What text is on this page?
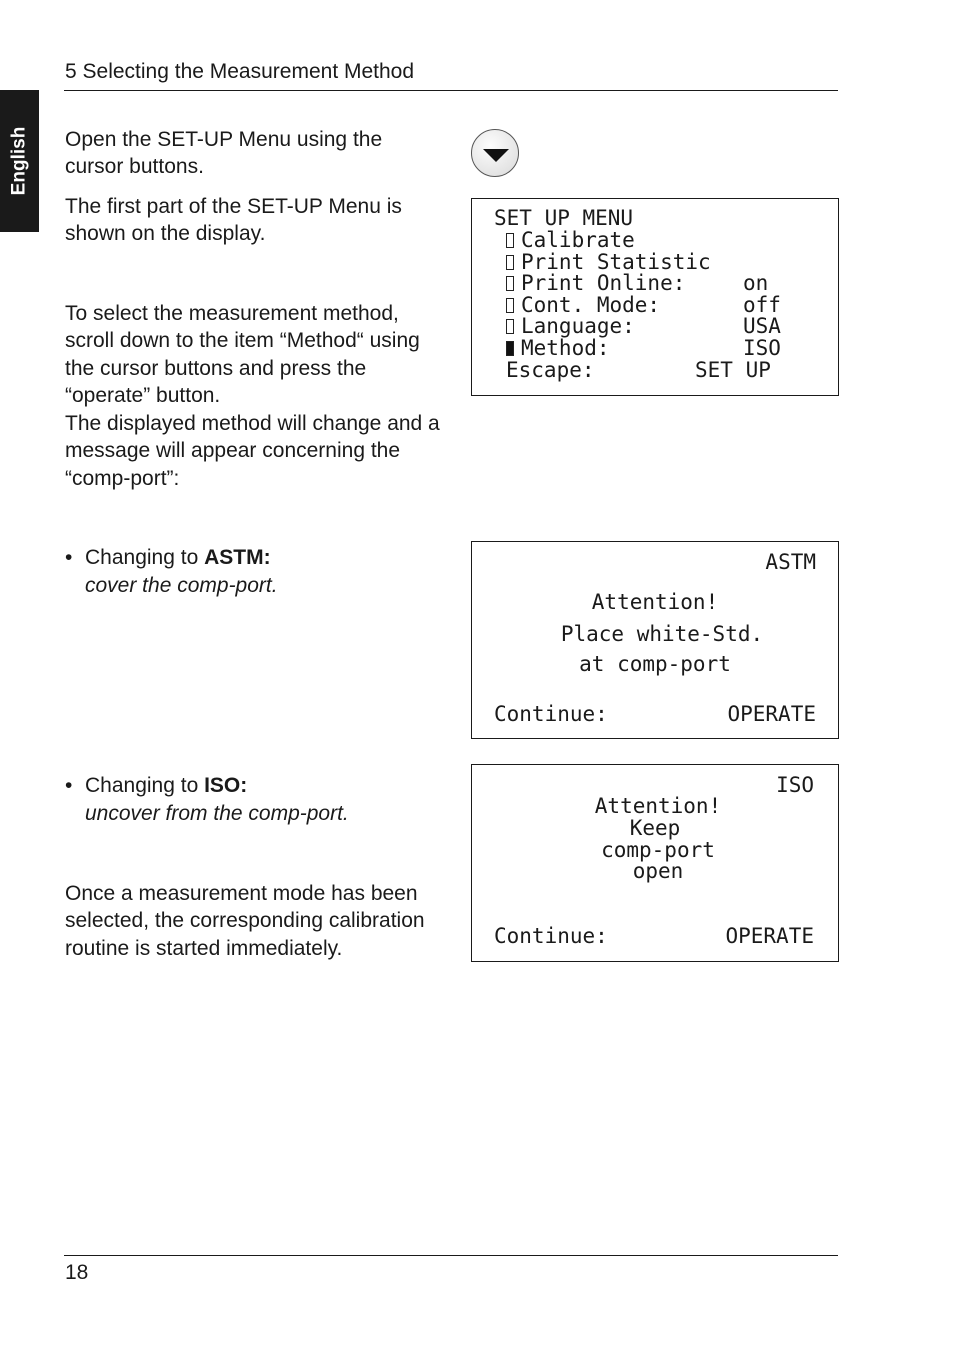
5 Selecting the Measurement Method
English Open the SET-UP Menu using the cursor buttons.

The first part of the SET-UP Menu is shown on the display.

To select the measurement method, scroll down to the item “Method“ using the cursor buttons and press the “operate” button.

The displayed method will change and a message will appear concerning the “comp-port”:

• Changing to ASTM:
cover the comp-port.
• Changing to ISO:
uncover from the comp-port.

Once a measurement mode has been selected, the corresponding calibration routine is started immediately.

SET UP MENU
Calibrate
Print Statistic
Print Online:	on
Cont. Mode:	off
Language:	USA
Method:	ISO
Escape:	SET UP
ASTM
Attention!
Place white-Std.
at comp-port
Continue:	OPERATE
ISO
Attention!
Keep
comp-port
open
Continue:	OPERATE
18
